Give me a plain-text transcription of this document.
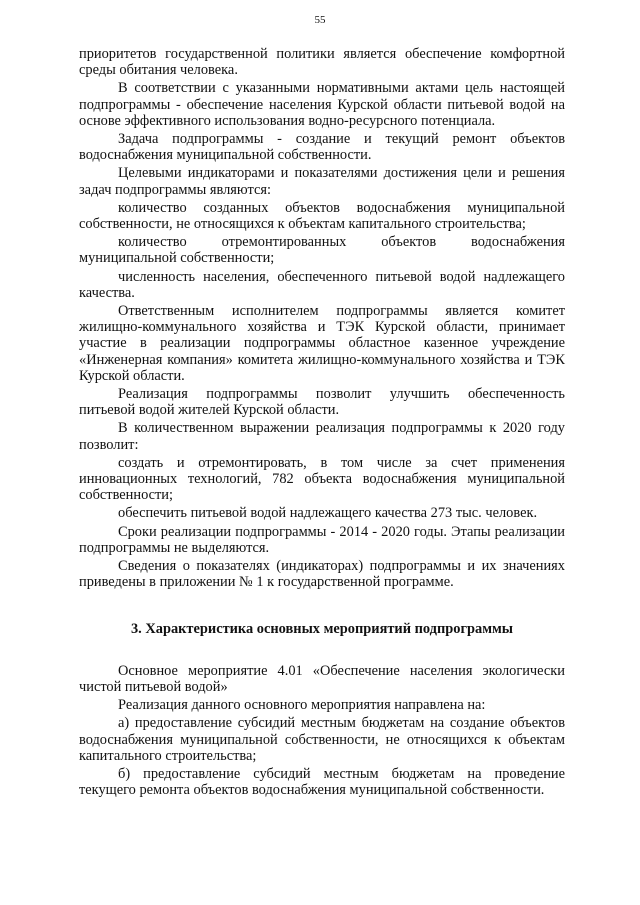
55

приоритетов государственной политики является обеспечение комфортной среды обитания человека.

В соответствии с указанными нормативными актами цель настоящей подпрограммы - обеспечение населения Курской области питьевой водой на основе эффективного использования водно-ресурсного потенциала.

Задача подпрограммы - создание и текущий ремонт объектов водоснабжения муниципальной собственности.

Целевыми индикаторами и показателями достижения цели и решения задач подпрограммы являются:

количество созданных объектов водоснабжения муниципальной собственности, не относящихся к объектам капитального строительства;

количество отремонтированных объектов водоснабжения муниципальной собственности;

численность населения, обеспеченного питьевой водой надлежащего качества.

Ответственным исполнителем подпрограммы является комитет жилищно-коммунального хозяйства и ТЭК Курской области, принимает участие в реализации подпрограммы областное казенное учреждение «Инженерная компания» комитета жилищно-коммунального хозяйства и ТЭК Курской области.

Реализация подпрограммы позволит улучшить обеспеченность питьевой водой жителей Курской области.

В количественном выражении реализация подпрограммы к 2020 году позволит:

создать и отремонтировать, в том числе за счет применения инновационных технологий, 782 объекта водоснабжения муниципальной собственности;

обеспечить питьевой водой надлежащего качества 273 тыс. человек.

Сроки реализации подпрограммы - 2014 - 2020 годы. Этапы реализации подпрограммы не выделяются.

Сведения о показателях (индикаторах) подпрограммы и их значениях приведены в приложении № 1 к государственной программе.

3. Характеристика основных мероприятий подпрограммы

Основное мероприятие 4.01 «Обеспечение населения экологически чистой питьевой водой»

Реализация данного основного мероприятия направлена на:

а) предоставление субсидий местным бюджетам на создание объектов водоснабжения муниципальной собственности, не относящихся к объектам капитального строительства;

б) предоставление субсидий местным бюджетам на проведение текущего ремонта объектов водоснабжения муниципальной собственности.
